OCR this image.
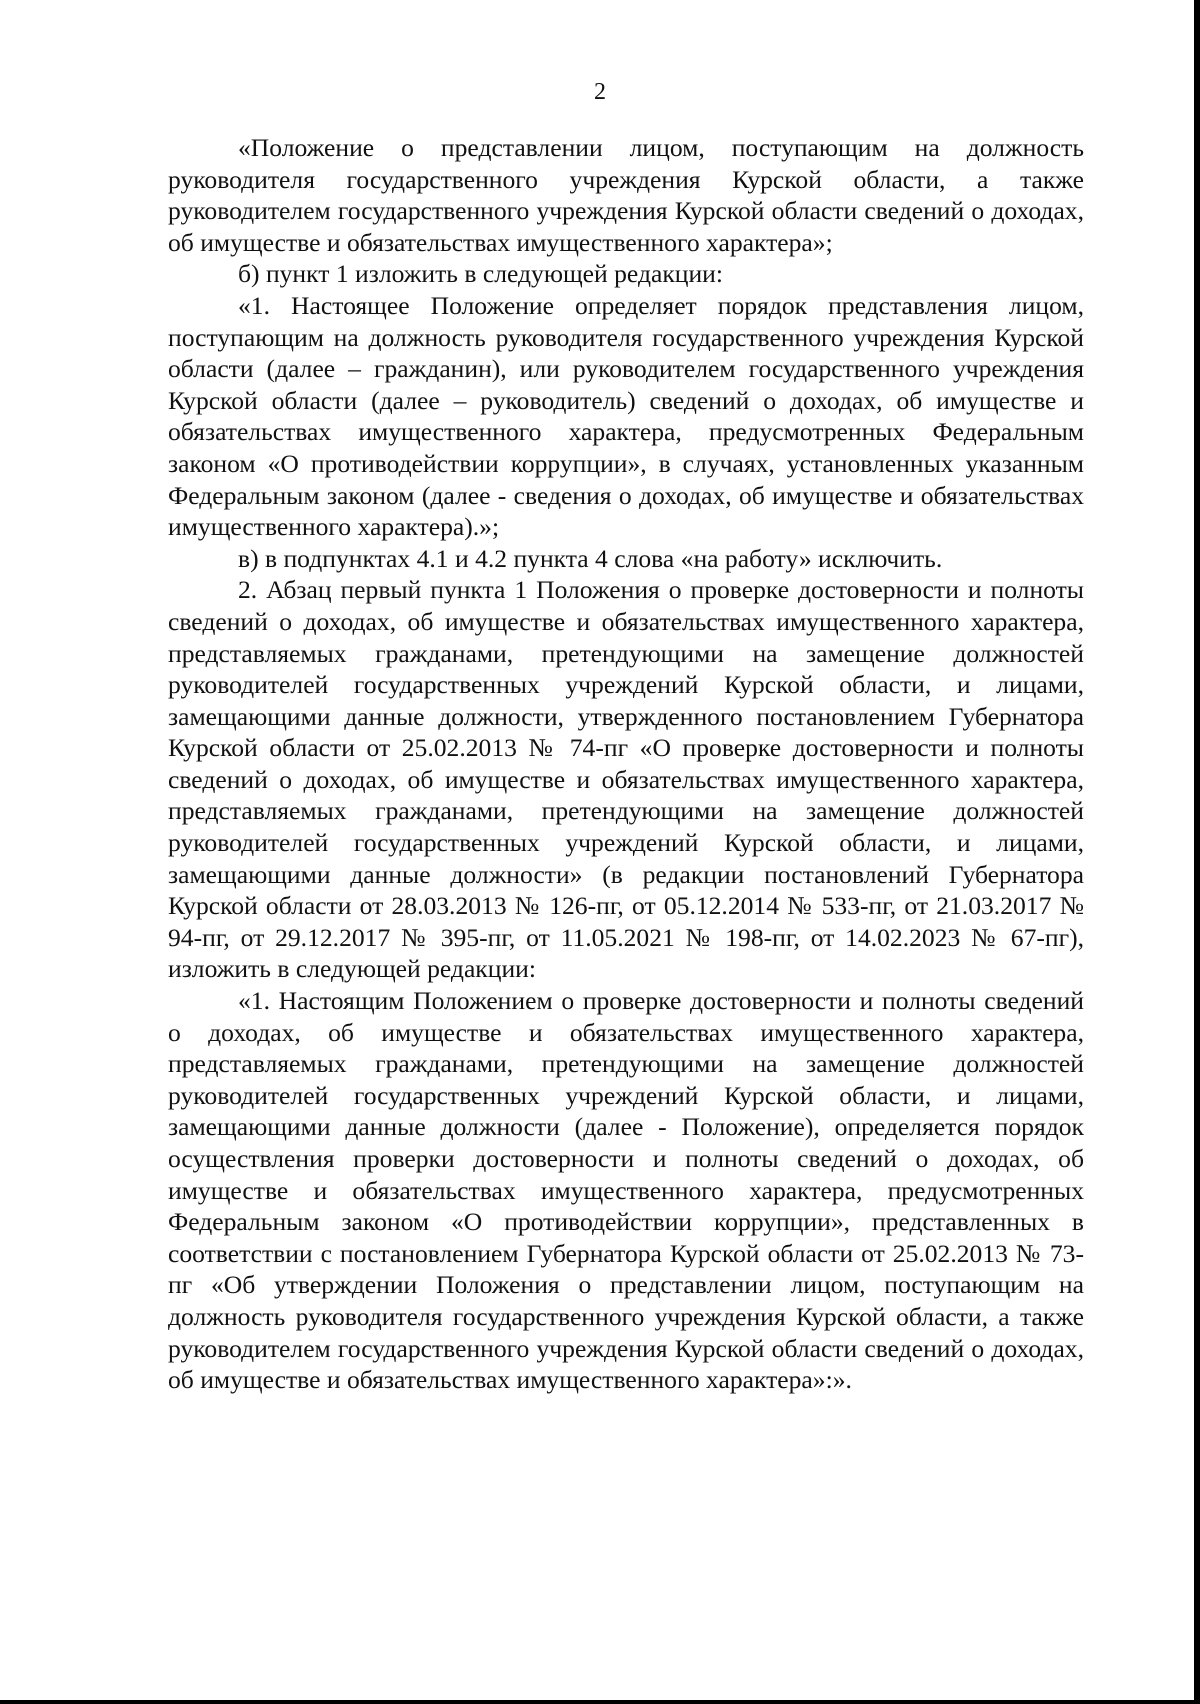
2

«Положение о представлении лицом, поступающим на должность руководителя государственного учреждения Курской области, а также руководителем государственного учреждения Курской области сведений о доходах, об имуществе и обязательствах имущественного характера»;

б) пункт 1 изложить в следующей редакции:

«1. Настоящее Положение определяет порядок представления лицом, поступающим на должность руководителя государственного учреждения Курской области (далее – гражданин), или руководителем государственного учреждения Курской области (далее – руководитель) сведений о доходах, об имуществе и обязательствах имущественного характера, предусмотренных Федеральным законом «О противодействии коррупции», в случаях, установленных указанным Федеральным законом (далее - сведения о доходах, об имуществе и обязательствах имущественного характера).»;

в) в подпунктах 4.1 и 4.2 пункта 4 слова «на работу» исключить.

2. Абзац первый пункта 1 Положения о проверке достоверности и полноты сведений о доходах, об имуществе и обязательствах имущественного характера, представляемых гражданами, претендующими на замещение должностей руководителей государственных учреждений Курской области, и лицами, замещающими данные должности, утвержденного постановлением Губернатора Курской области от 25.02.2013 № 74-пг «О проверке достоверности и полноты сведений о доходах, об имуществе и обязательствах имущественного характера, представляемых гражданами, претендующими на замещение должностей руководителей государственных учреждений Курской области, и лицами, замещающими данные должности» (в редакции постановлений Губернатора Курской области от 28.03.2013 № 126-пг, от 05.12.2014 № 533-пг, от 21.03.2017 № 94-пг, от 29.12.2017 № 395-пг, от 11.05.2021 № 198-пг, от 14.02.2023 № 67-пг), изложить в следующей редакции:

«1. Настоящим Положением о проверке достоверности и полноты сведений о доходах, об имуществе и обязательствах имущественного характера, представляемых гражданами, претендующими на замещение должностей руководителей государственных учреждений Курской области, и лицами, замещающими данные должности (далее - Положение), определяется порядок осуществления проверки достоверности и полноты сведений о доходах, об имуществе и обязательствах имущественного характера, предусмотренных Федеральным законом «О противодействии коррупции», представленных в соответствии с постановлением Губернатора Курской области от 25.02.2013 № 73-пг «Об утверждении Положения о представлении лицом, поступающим на должность руководителя государственного учреждения Курской области, а также руководителем государственного учреждения Курской области сведений о доходах, об имуществе и обязательствах имущественного характера»:».
